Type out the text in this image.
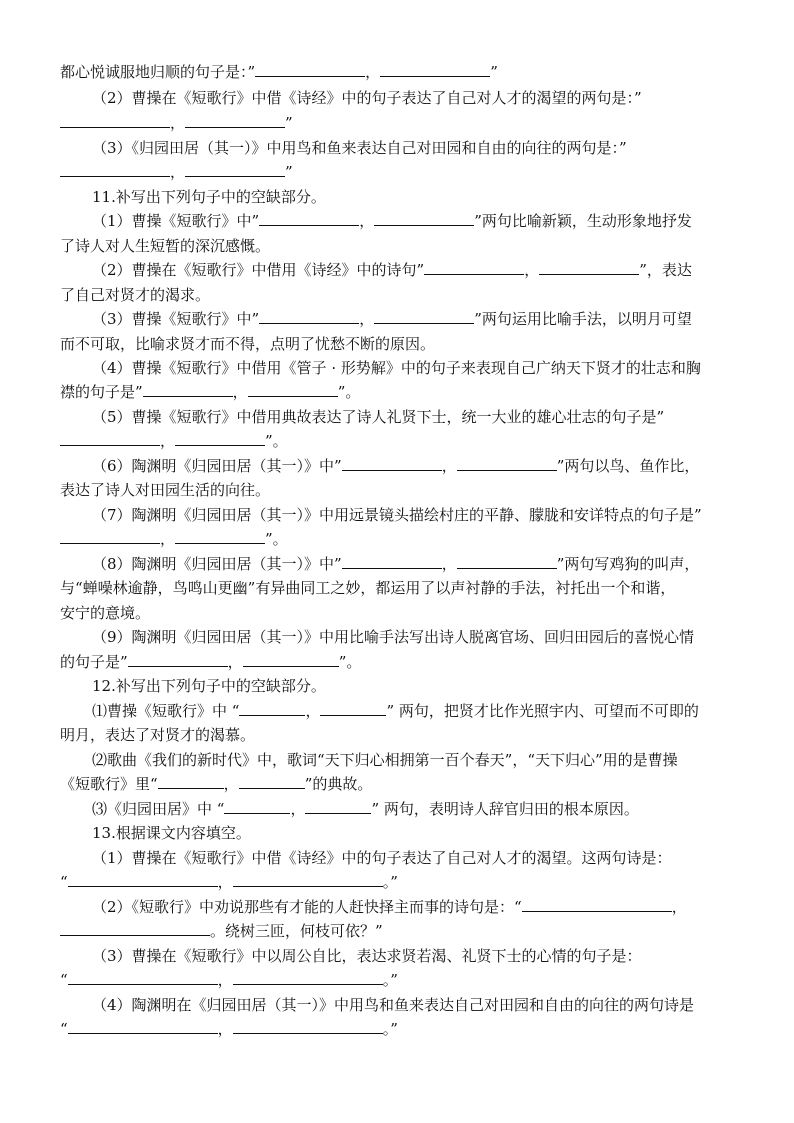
都心悦诚服地归顺的句子是：”	，	”
（2）曹操在《短歌行》中借《诗经》中的句子表达了自己对人才的渴望的两句是：”
，	”
（3）《归园田居（其一）》中用鸟和鱼来表达自己对田园和自由的向往的两句是：”
，	”
11.补写出下列句子中的空缺部分。
（1）曹操《短歌行》中”	，	”两句比喻新颖，生动形象地抒发
了诗人对人生短暂的深沉感慨。
（2）曹操在《短歌行》中借用《诗经》中的诗句”	，	”，表达
了自己对贤才的渴求。
（3）曹操《短歌行》中”	，	”两句运用比喻手法，以明月可望
而不可取，比喻求贤才而不得，点明了忧愁不断的原因。
（4）曹操《短歌行》中借用《管子 · 形势解》中的句子来表现自己广纳天下贤才的壮志和胸
襟的句子是”	，	”。
（5）曹操《短歌行》中借用典故表达了诗人礼贤下士，统一大业的雄心壮志的句子是”
，	”。
（6）陶渊明《归园田居（其一）》中”	，	”两句以鸟、鱼作比，
表达了诗人对田园生活的向往。
（7）陶渊明《归园田居（其一）》中用远景镜头描绘村庄的平静、朦胧和安详特点的句子是”
，	”。
（8）陶渊明《归园田居（其一）》中”	，	”两句写鸡狗的叫声，
与“蝉噪林逾静，鸟鸣山更幽”有异曲同工之妙，都运用了以声衬静的手法，衬托出一个和谐，
安宁的意境。
（9）陶渊明《归园田居（其一）》中用比喻手法写出诗人脱离官场、回归田园后的喜悦心情
的句子是”	，	”。
12.补写出下列句子中的空缺部分。
⑴曹操《短歌行》中 “	，	” 两句，把贤才比作光照宇内、可望而不可即的
明月，表达了对贤才的渴慕。
⑵歌曲《我们的新时代》中，歌词“天下归心相拥第一百个春天”，“天下归心”用的是曹操
《短歌行》里“	，	”的典故。
⑶《归园田居》中 “	，	” 两句，表明诗人辞官归田的根本原因。
13.根据课文内容填空。
（1）曹操在《短歌行》中借《诗经》中的句子表达了自己对人才的渴望。这两句诗是：
“	，	。”
（2）《短歌行》中劝说那些有才能的人赶快择主而事的诗句是：“	，
。绕树三匝，何枝可依？”
（3）曹操在《短歌行》中以周公自比，表达求贤若渴、礼贤下士的心情的句子是：
“	，	。”
（4）陶渊明在《归园田居（其一）》中用鸟和鱼来表达自己对田园和自由的向往的两句诗是
“	，	。”
